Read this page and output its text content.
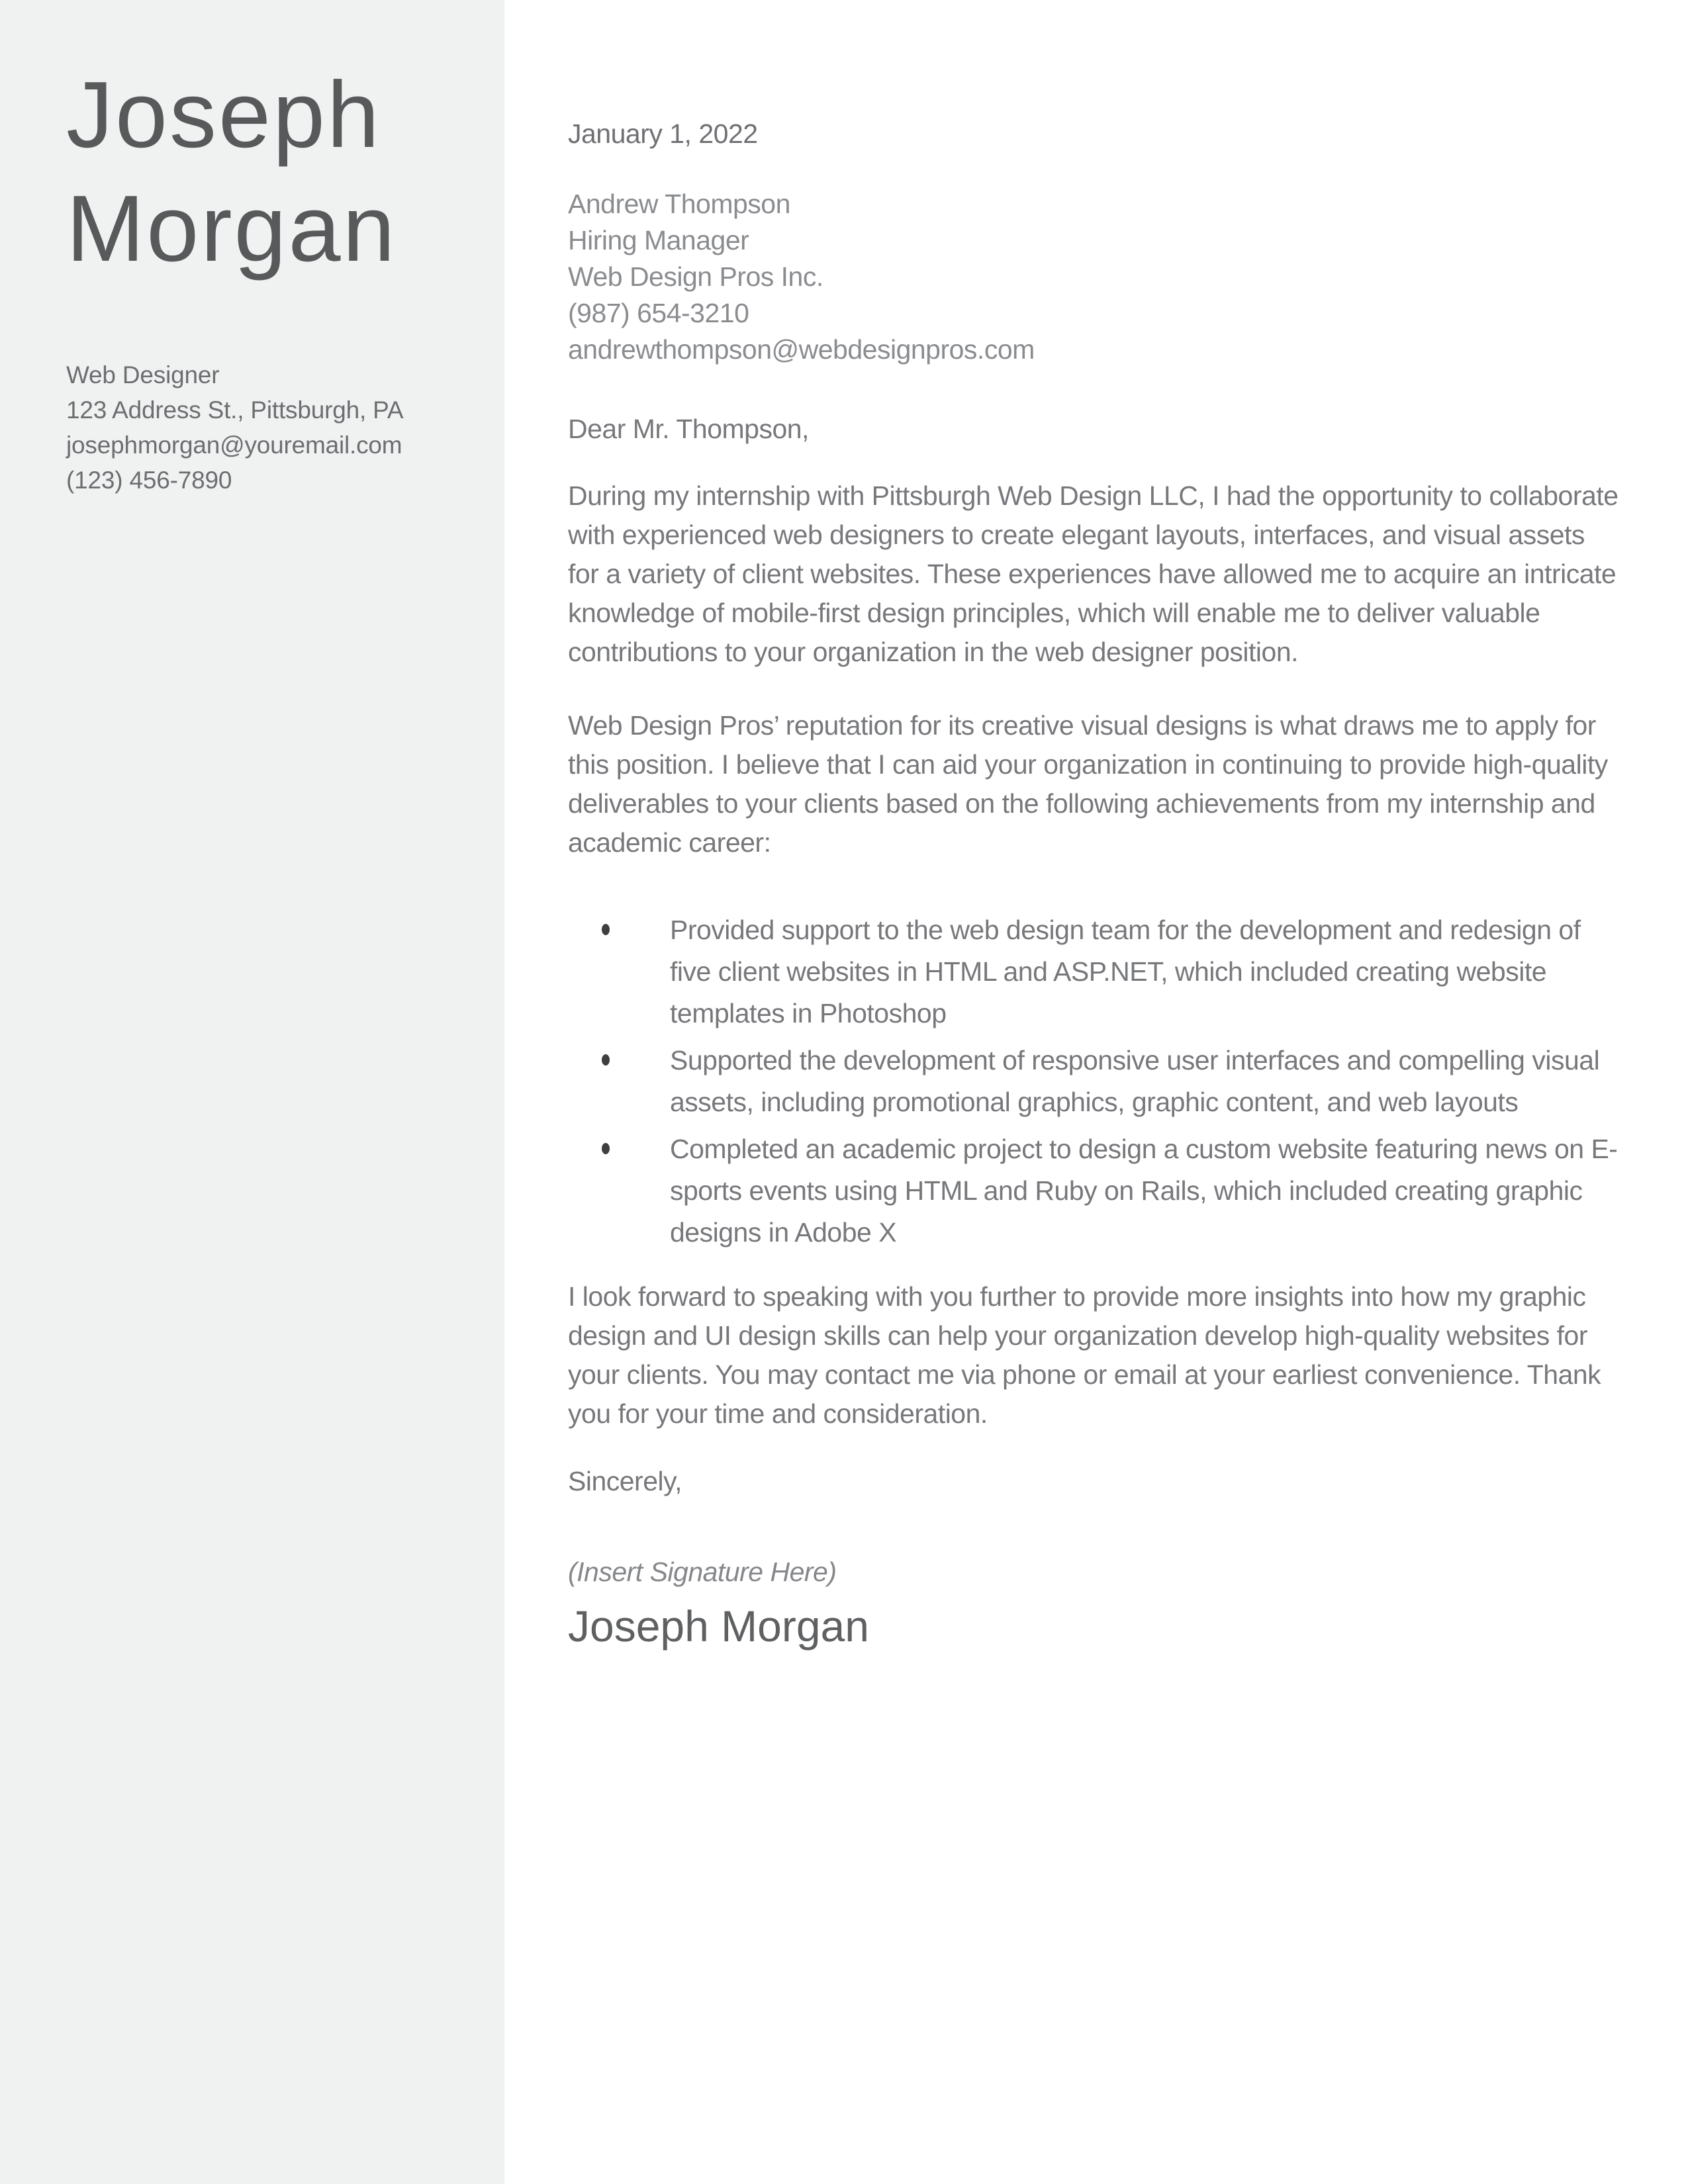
Joseph
Morgan
Web Designer
123 Address St., Pittsburgh, PA
josephmorgan@youremail.com
(123) 456-7890
January 1, 2022
Andrew Thompson
Hiring Manager
Web Design Pros Inc.
(987) 654-3210
andrewthompson@webdesignpros.com
Dear Mr. Thompson,

During my internship with Pittsburgh Web Design LLC, I had the opportunity to collaborate with experienced web designers to create elegant layouts, interfaces, and visual assets for a variety of client websites. These experiences have allowed me to acquire an intricate knowledge of mobile-first design principles, which will enable me to deliver valuable contributions to your organization in the web designer position.

Web Design Pros’ reputation for its creative visual designs is what draws me to apply for this position. I believe that I can aid your organization in continuing to provide high-quality deliverables to your clients based on the following achievements from my internship and academic career:

Provided support to the web design team for the development and redesign of five client websites in HTML and ASP.NET, which included creating website templates in Photoshop
Supported the development of responsive user interfaces and compelling visual assets, including promotional graphics, graphic content, and web layouts
Completed an academic project to design a custom website featuring news on E-sports events using HTML and Ruby on Rails, which included creating graphic designs in Adobe X

I look forward to speaking with you further to provide more insights into how my graphic design and UI design skills can help your organization develop high-quality websites for your clients. You may contact me via phone or email at your earliest convenience. Thank you for your time and consideration.

Sincerely,
(Insert Signature Here)
Joseph Morgan
